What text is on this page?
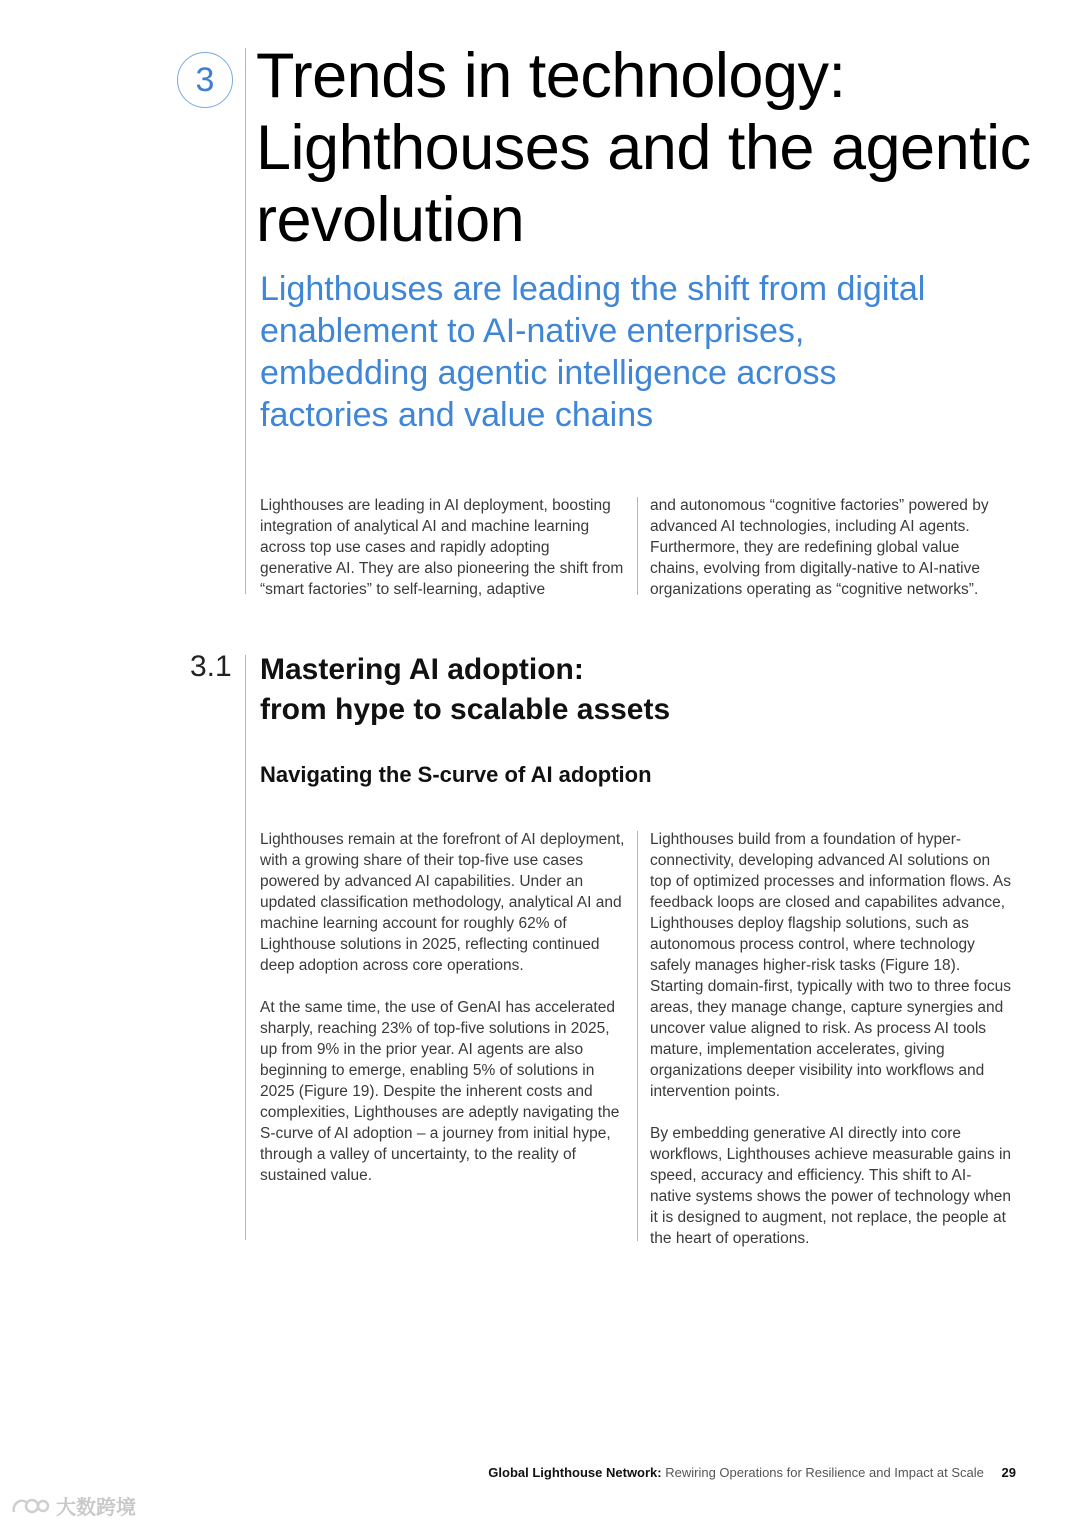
3 Trends in technology: Lighthouses and the agentic revolution

Lighthouses are leading the shift from digital enablement to AI-native enterprises, embedding agentic intelligence across factories and value chains

Lighthouses are leading in AI deployment, boosting integration of analytical AI and machine learning across top use cases and rapidly adopting generative AI. They are also pioneering the shift from “smart factories” to self-learning, adaptive

and autonomous “cognitive factories” powered by advanced AI technologies, including AI agents. Furthermore, they are redefining global value chains, evolving from digitally-native to AI-native organizations operating as “cognitive networks”.

3.1 Mastering AI adoption:
from hype to scalable assets
Navigating the S-curve of AI adoption

Lighthouses remain at the forefront of AI deployment, with a growing share of their top-five use cases powered by advanced AI capabilities. Under an updated classification methodology, analytical AI and machine learning account for roughly 62% of Lighthouse solutions in 2025, reflecting continued deep adoption across core operations.

At the same time, the use of GenAI has accelerated sharply, reaching 23% of top-five solutions in 2025, up from 9% in the prior year. AI agents are also beginning to emerge, enabling 5% of solutions in 2025 (Figure 19). Despite the inherent costs and complexities, Lighthouses are adeptly navigating the S-curve of AI adoption – a journey from initial hype, through a valley of uncertainty, to the reality of sustained value.

Lighthouses build from a foundation of hyper-connectivity, developing advanced AI solutions on top of optimized processes and information flows. As feedback loops are closed and capabilites advance, Lighthouses deploy flagship solutions, such as autonomous process control, where technology safely manages higher-risk tasks (Figure 18). Starting domain-first, typically with two to three focus areas, they manage change, capture synergies and uncover value aligned to risk. As process AI tools mature, implementation accelerates, giving organizations deeper visibility into workflows and intervention points.

By embedding generative AI directly into core workflows, Lighthouses achieve measurable gains in speed, accuracy and efficiency. This shift to AI-native systems shows the power of technology when it is designed to augment, not replace, the people at the heart of operations.

Global Lighthouse Network: Rewiring Operations for Resilience and Impact at Scale 29
大数跨境
